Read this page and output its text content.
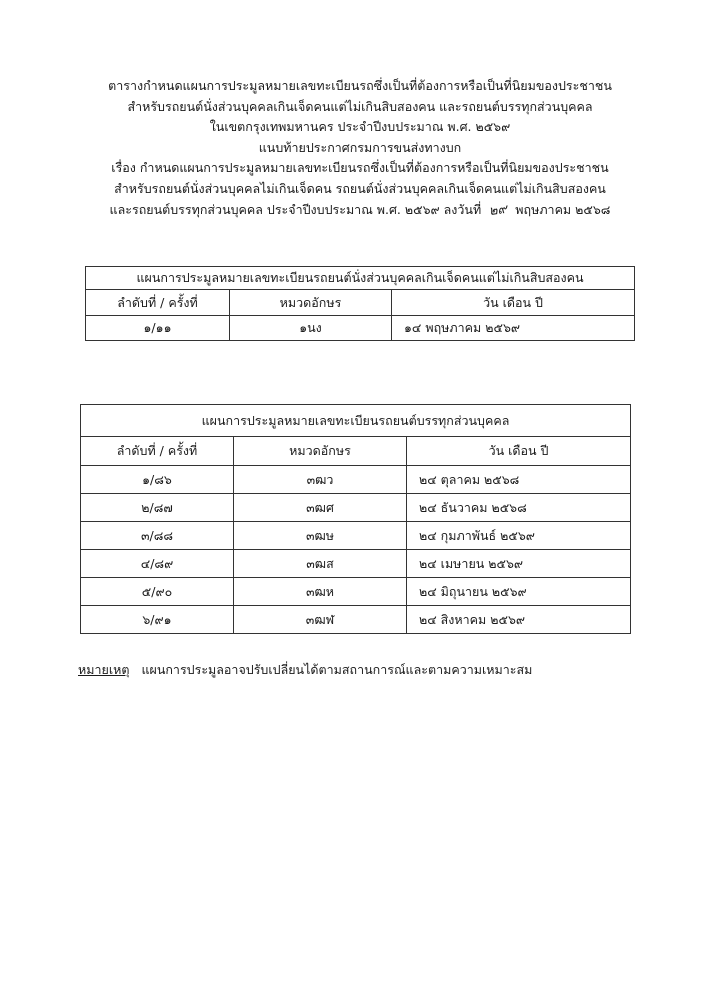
ตารางกำหนดแผนการประมูลหมายเลขทะเบียนรถซึ่งเป็นที่ต้องการหรือเป็นที่นิยมของประชาชน
สำหรับรถยนต์นั่งส่วนบุคคลเกินเจ็ดคนแต่ไม่เกินสิบสองคน และรถยนต์บรรทุกส่วนบุคคล
ในเขตกรุงเทพมหานคร ประจำปีงบประมาณ พ.ศ. ๒๕๖๙
แนบท้ายประกาศกรมการขนส่งทางบก
เรื่อง กำหนดแผนการประมูลหมายเลขทะเบียนรถซึ่งเป็นที่ต้องการหรือเป็นที่นิยมของประชาชน
สำหรับรถยนต์นั่งส่วนบุคคลไม่เกินเจ็ดคน รถยนต์นั่งส่วนบุคคลเกินเจ็ดคนแต่ไม่เกินสิบสองคน
และรถยนต์บรรทุกส่วนบุคคล ประจำปีงบประมาณ พ.ศ. ๒๕๖๙ ลงวันที่ ๒๙ พฤษภาคม ๒๕๖๘
แผนการประมูลหมายเลขทะเบียนรถยนต์นั่งส่วนบุคคลเกินเจ็ดคนแต่ไม่เกินสิบสองคน		
ลำดับที่ / ครั้งที่	หมวดอักษร	วัน เดือน ปี
๑/๑๑	๑นง	๑๔ พฤษภาคม ๒๕๖๙
แผนการประมูลหมายเลขทะเบียนรถยนต์บรรทุกส่วนบุคคล		
ลำดับที่ / ครั้งที่	หมวดอักษร	วัน เดือน ปี
๑/๘๖	๓ฒว	๒๔ ตุลาคม ๒๕๖๘
๒/๘๗	๓ฒศ	๒๔ ธันวาคม ๒๕๖๘
๓/๘๘	๓ฒษ	๒๔ กุมภาพันธ์ ๒๕๖๙
๔/๘๙	๓ฒส	๒๔ เมษายน ๒๕๖๙
๕/๙๐	๓ฒห	๒๔ มิถุนายน ๒๕๖๙
๖/๙๑	๓ฒฬ	๒๔ สิงหาคม ๒๕๖๙
หมายเหตุ แผนการประมูลอาจปรับเปลี่ยนได้ตามสถานการณ์และตามความเหมาะสม
